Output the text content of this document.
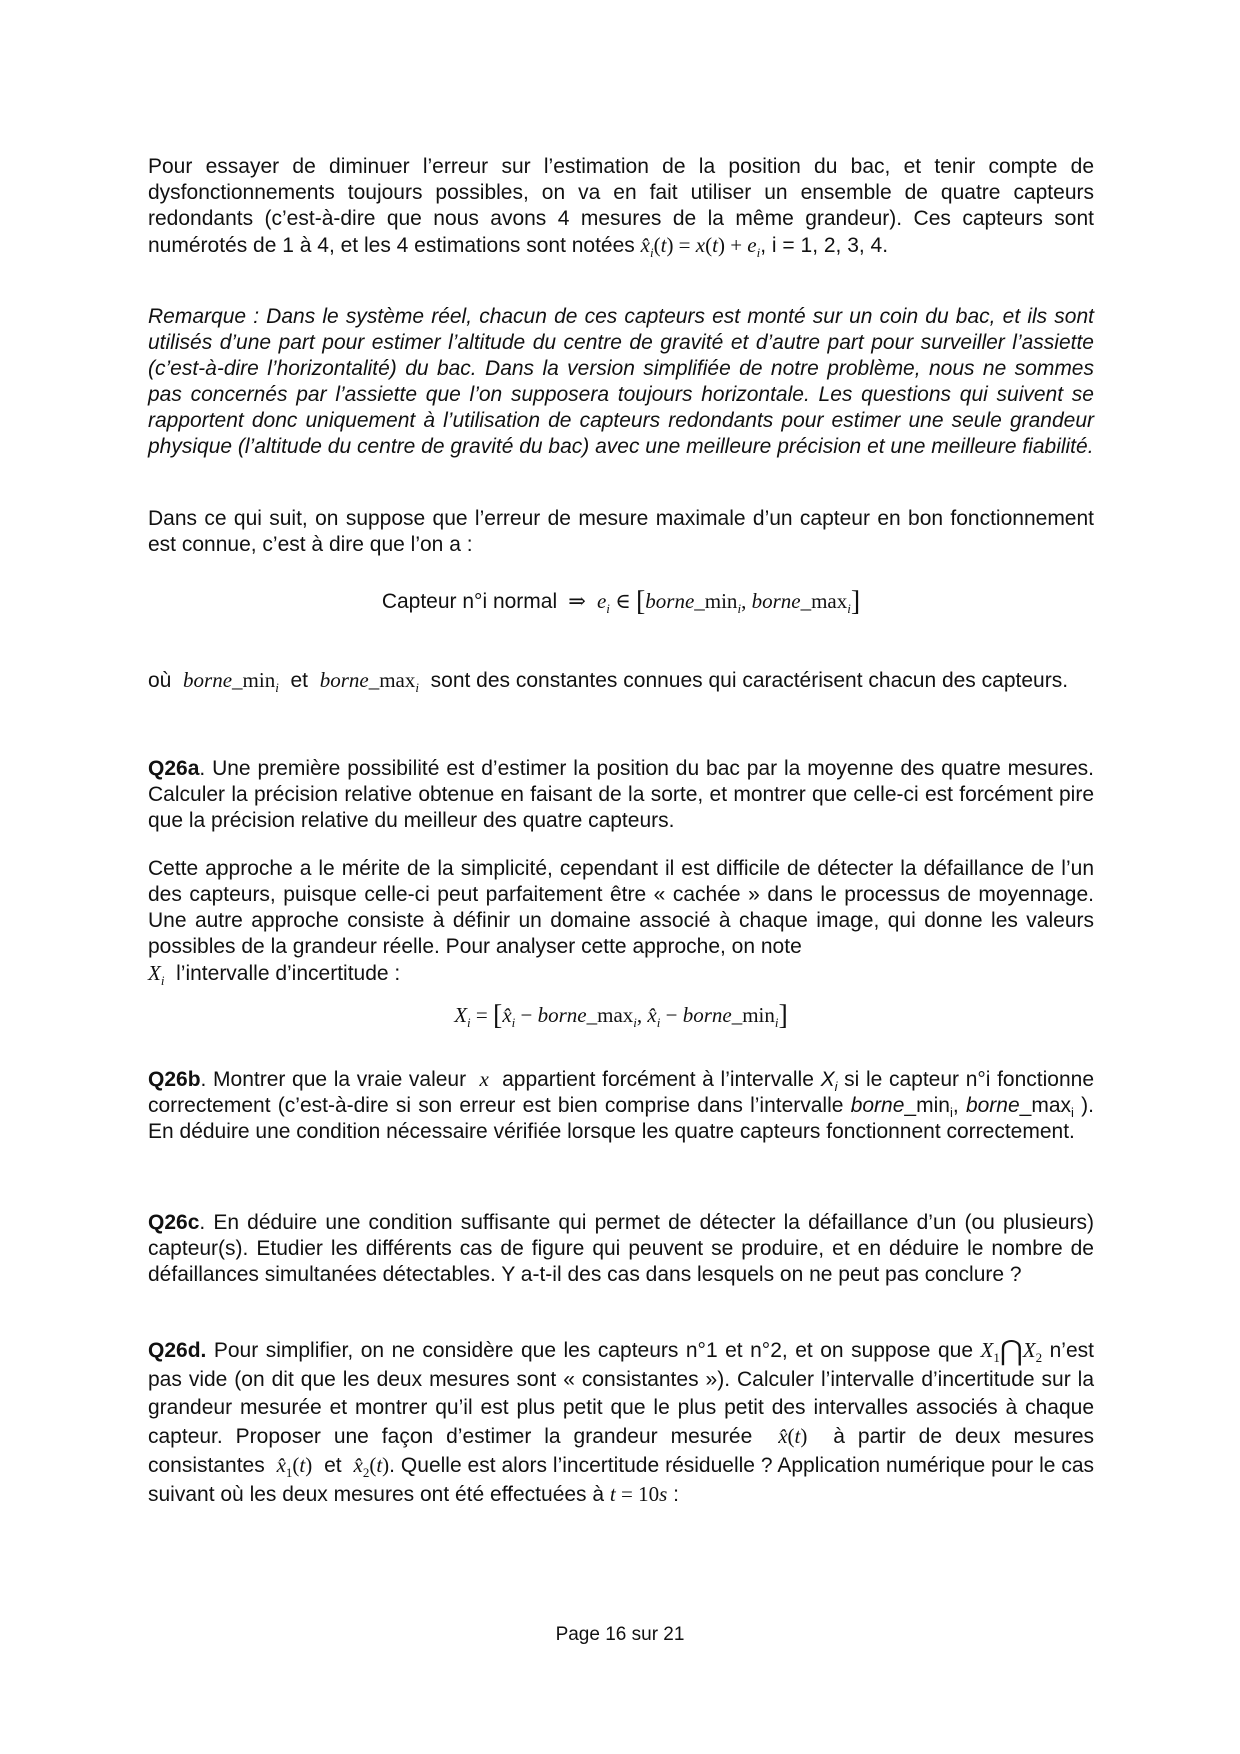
Pour essayer de diminuer l’erreur sur l’estimation de la position du bac, et tenir compte de dysfonctionnements toujours possibles, on va en fait utiliser un ensemble de quatre capteurs redondants (c’est-à-dire que nous avons 4 mesures de la même grandeur). Ces capteurs sont numérotés de 1 à 4, et les 4 estimations sont notées $x̂_i(t) = x(t) + e_i$, i = 1, 2, 3, 4.
Remarque : Dans le système réel, chacun de ces capteurs est monté sur un coin du bac, et ils sont utilisés d’une part pour estimer l’altitude du centre de gravité et d’autre part pour surveiller l’assiette (c’est-à-dire l’horizontalité) du bac. Dans la version simplifiée de notre problème, nous ne sommes pas concernés par l’assiette que l’on supposera toujours horizontale. Les questions qui suivent se rapportent donc uniquement à l’utilisation de capteurs redondants pour estimer une seule grandeur physique (l’altitude du centre de gravité du bac) avec une meilleure précision et une meilleure fiabilité.
Dans ce qui suit, on suppose que l’erreur de mesure maximale d’un capteur en bon fonctionnement est connue, c’est à dire que l’on a :
Capteur n°i normal  ⇒  $e_i$ ∈ [$borne\_\min_i$, $borne\_\max_i$]
où $borne\_\min_i$ et $borne\_\max_i$ sont des constantes connues qui caractérisent chacun des capteurs.
Q26a. Une première possibilité est d’estimer la position du bac par la moyenne des quatre mesures. Calculer la précision relative obtenue en faisant de la sorte, et montrer que celle-ci est forcément pire que la précision relative du meilleur des quatre capteurs.
Cette approche a le mérite de la simplicité, cependant il est difficile de détecter la défaillance de l’un des capteurs, puisque celle-ci peut parfaitement être « cachée » dans le processus de moyennage. Une autre approche consiste à définir un domaine associé à chaque image, qui donne les valeurs possibles de la grandeur réelle. Pour analyser cette approche, on note
$X_i$ l’intervalle d’incertitude :
$X_i$ = [$x̂_i$ − $borne\_\max_i$, $x̂_i$ − $borne\_\min_i$]
Q26b. Montrer que la vraie valeur x appartient forcément à l’intervalle $X_i$ si le capteur n°i fonctionne correctement (c’est-à-dire si son erreur est bien comprise dans l’intervalle $borne\_\min_i$, $borne\_\max_i$ ). En déduire une condition nécessaire vérifiée lorsque les quatre capteurs fonctionnent correctement.
Q26c. En déduire une condition suffisante qui permet de détecter la défaillance d’un (ou plusieurs) capteur(s). Etudier les différents cas de figure qui peuvent se produire, et en déduire le nombre de défaillances simultanées détectables. Y a-t-il des cas dans lesquels on ne peut pas conclure ?
Q26d. Pour simplifier, on ne considère que les capteurs n°1 et n°2, et on suppose que $X_1⋂X_2$ n’est pas vide (on dit que les deux mesures sont « consistantes »). Calculer l’intervalle d’incertitude sur la grandeur mesurée et montrer qu’il est plus petit que le plus petit des intervalles associés à chaque capteur. Proposer une façon d’estimer la grandeur mesurée x̂(t) à partir de deux mesures consistantes $x̂_1(t)$ et $x̂_2(t)$. Quelle est alors l’incertitude résiduelle ? Application numérique pour le cas suivant où les deux mesures ont été effectuées à t = 10s :
Page 16 sur 21
